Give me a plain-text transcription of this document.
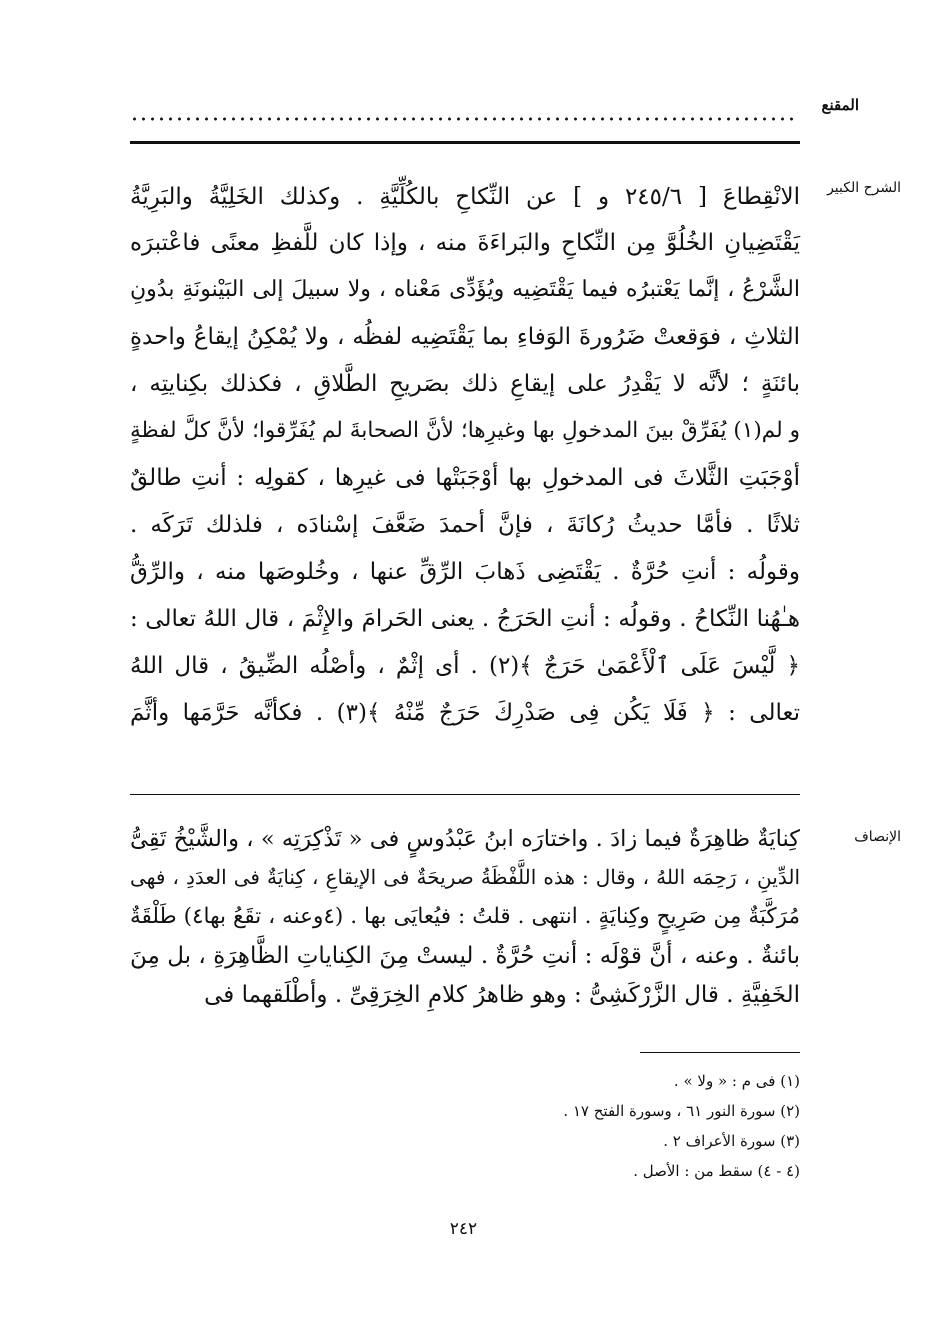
المقنع
الشرح الكبير
الانْقِطاعَ [ ٢٤٥/٦ و ] عن النِّكاحِ بالكُلِّيَّةِ . وكذلك الخَلِيَّةُ والبَرِيَّةُ
يَقْتَضِيانِ الخُلُوَّ مِن النِّكاحِ والبَراءَةَ منه ، وإذا كان للَّفظِ معنًى فاعْتبرَه
الشَّرْعُ ، إنَّما يَعْتبرُه فيما يَقْتَضِيه ويُؤَدِّى مَعْناه ، ولا سبيلَ إلى البَيْنونَةِ بدُونِ
الثلاثِ ، فوَقعتْ ضَرُورةَ الوَفاءِ بما يَقْتَضِيه لفظُه ، ولا يُمْكِنُ إيقاعُ واحدةٍ
بائنَةٍ ؛ لأنَّه لا يَقْدِرُ على إيقاعِ ذلك بصَريحِ الطَّلاقِ ، فكذلك بكِنايتِه ،
و لم(١) يُفَرِّقْ بينَ المدخولِ بها وغيرِها؛ لأنَّ الصحابةَ لم يُفَرِّقوا؛ لأنَّ كلَّ لفظةٍ
أوْجَبَتِ الثَّلاثَ فى المدخولِ بها أوْجَبَتْها فى غيرِها ، كقولِه : أنتِ طالقٌ
ثلاثًا . فأمَّا حديثُ رُكانَةَ ، فإنَّ أحمدَ ضَعَّفَ إسْنادَه ، فلذلك تَرَكَه .
وقولُه : أنتِ حُرَّةٌ . يَقْتَضِى ذَهابَ الرِّقِّ عنها ، وخُلوصَها منه ، والرِّقُّ
هـٰهُنا النِّكاحُ . وقولُه : أنتِ الحَرَجُ . يعنى الحَرامَ والإِثْمَ ، قال اللهُ تعالى :
﴿ لَّيْسَ عَلَى ٱلْأَعْمَىٰ حَرَجٌ ﴾(٢) . أى إثْمٌ ، وأصْلُه الضِّيقُ ، قال اللهُ
تعالى : ﴿ فَلَا يَكُن فِى صَدْرِكَ حَرَجٌ مِّنْهُ ﴾(٣) . فكأنَّه حَرَّمَها وأثَّمَ
الإنصاف
كِنايَةٌ ظاهِرَةٌ فيما زادَ . واختارَه ابنُ عَبْدُوسٍ فى « تَذْكِرَتِه » ، والشَّيْخُ تَقِىُّ
الدِّينِ ، رَحِمَه اللهُ ، وقال : هذه اللَّفْظَةُ صريحَةٌ فى الإيقاعِ ، كِنايَةٌ فى العدَدِ ، فهى
مُرَكَّبَةٌ مِن صَرِيحٍ وكِنايَةٍ . انتهى . قلتُ : فيُعايَى بها . (٤وعنه ، تقَعُ بها٤) طَلْقَةٌ
بائنةٌ . وعنه ، أنَّ قوْلَه : أنتِ حُرَّةٌ . ليستْ مِنَ الكِناياتِ الظَّاهِرَةِ ، بل مِنَ
الخَفِيَّةِ . قال الزَّرْكَشِىُّ : وهو ظاهرُ كلامِ الخِرَقِىِّ . وأطْلَقهما فى
(١) فى م : « ولا » .
(٢) سورة النور ٦١ ، وسورة الفتح ١٧ .
(٣) سورة الأعراف ٢ .
(٤ - ٤) سقط من : الأصل .
٢٤٢
